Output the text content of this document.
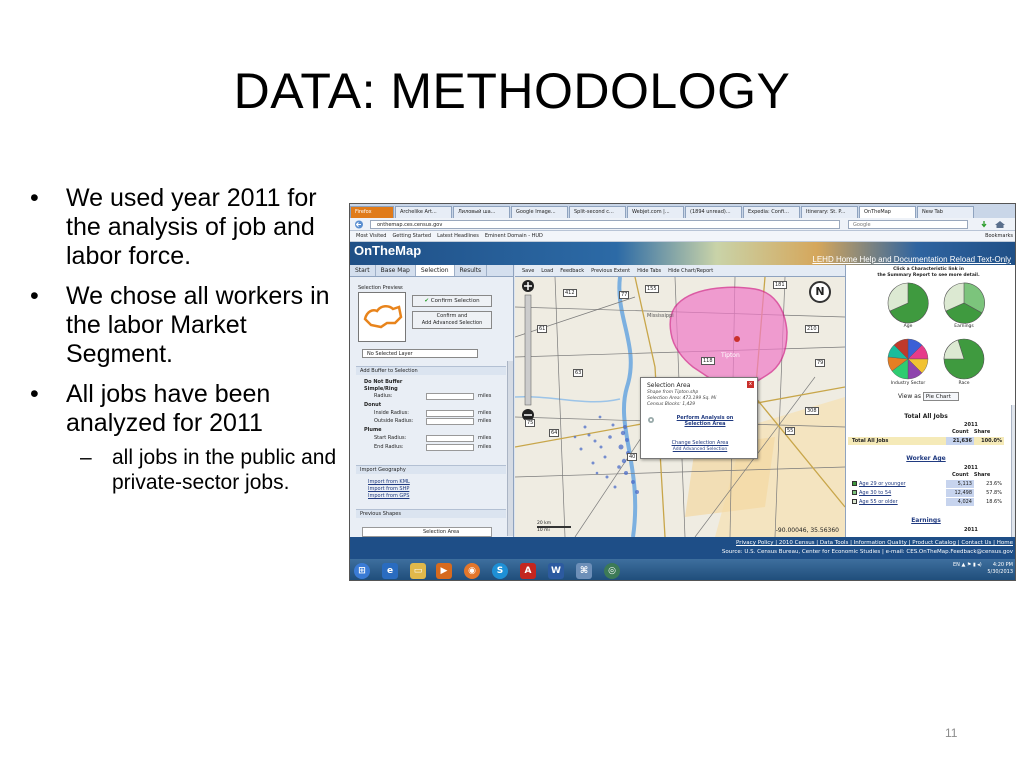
DATA: METHODOLOGY
• We used year 2011 for the analysis of job and labor force.
• We chose all workers in the labor Market Segment.
• All jobs have been analyzed for 2011
– all jobs in the public and private-sector jobs.
11
Firefox	Archelike Art...	Лиловый ша...	Google Image...	Split-second c...	Webjet.com |...	(1894 unread)...	Expedia: Confi...	Itinerary: St. P...	OnTheMap	New Tab
onthemap.ces.census.gov	Google
Most Visited Getting Started Latest Headlines Eminent Domain - HUD	Bookmarks
OnTheMap
LEHD Home Help and Documentation Reload Text-Only
Start	Base Map	Selection	Results
Selection Preview:
✔ Confirm Selection
Confirm and
Add Advanced Selection
No Selected Layer
Add Buffer to Selection
Do Not Buffer
Simple/Ring
Radius:	miles
Donut
Inside Radius:	miles
Outside Radius:	miles
Plume
Start Radius:	miles
End Radius:	miles
Import Geography
Import from KML
Import from SHP
Import from GPS
Previous Shapes
Selection Area
Save Load Feedback Previous Extent Hide Tabs Hide Chart/Report
412	77
155
181
61	210
79
40
55
63
75
64
118
308
Tipton
Mississippi
N
Selection Area	x
Shape from Tipton.shp
Selection Area: 473.199 Sq. Mi
Census Blocks: 1,429
Perform Analysis on
Selection Area
Change Selection Area
Add Advanced Selection
20 km
10 mi	-90.00046, 35.56360
Click a Characteristic link in
the Summary Report to see more detail.
Age	Earnings
Industry Sector	Race
View as Pie Chart
Total All Jobs
2011
Count Share
Total All Jobs	21,636	100.0%
Worker Age
2011
Count Share
Age 29 or younger	5,113	23.6%
Age 30 to 54	12,498	57.8%
Age 55 or older	4,024	18.6%
Earnings
2011
Privacy Policy | 2010 Census | Data Tools | Information Quality | Product Catalog | Contact Us | Home
Source: U.S. Census Bureau, Center for Economic Studies | e-mail: CES.OnTheMap.Feedback@census.gov
⊞	e	▭	▶	◉	S	A	W	⌘	◎
EN ▲ ⚑ ▮ ◂)	4:20 PM
5/30/2013
